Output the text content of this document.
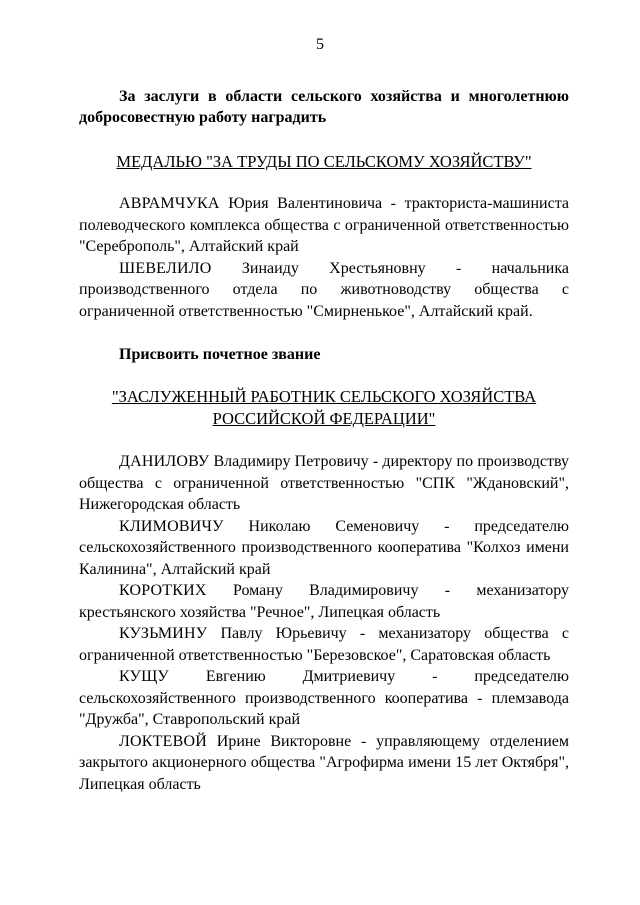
5
За заслуги в области сельского хозяйства и многолетнюю
добросовестную работу наградить
МЕДАЛЬЮ "ЗА ТРУДЫ ПО СЕЛЬСКОМУ ХОЗЯЙСТВУ"

АВРАМЧУКА Юрия Валентиновича - тракториста-машиниста полеводческого комплекса общества с ограниченной ответственностью "Сереброполь", Алтайский край

ШЕВЕЛИЛО Зинаиду Хрестьяновну - начальника производственного отдела по животноводству общества с ограниченной ответственностью "Смирненькое", Алтайский край.

Присвоить почетное звание
"ЗАСЛУЖЕННЫЙ РАБОТНИК СЕЛЬСКОГО ХОЗЯЙСТВА
РОССИЙСКОЙ ФЕДЕРАЦИИ"

ДАНИЛОВУ Владимиру Петровичу - директору по производству общества с ограниченной ответственностью "СПК "Ждановский", Нижегородская область

КЛИМОВИЧУ Николаю Семеновичу - председателю сельскохозяйственного производственного кооператива "Колхоз имени Калинина", Алтайский край

КОРОТКИХ Роману Владимировичу - механизатору крестьянского хозяйства "Речное", Липецкая область

КУЗЬМИНУ Павлу Юрьевичу - механизатору общества с ограниченной ответственностью "Березовское", Саратовская область

КУЩУ Евгению Дмитриевичу - председателю сельскохозяйственного производственного кооператива - племзавода "Дружба", Ставропольский край

ЛОКТЕВОЙ Ирине Викторовне - управляющему отделением закрытого акционерного общества "Агрофирма имени 15 лет Октября", Липецкая область
